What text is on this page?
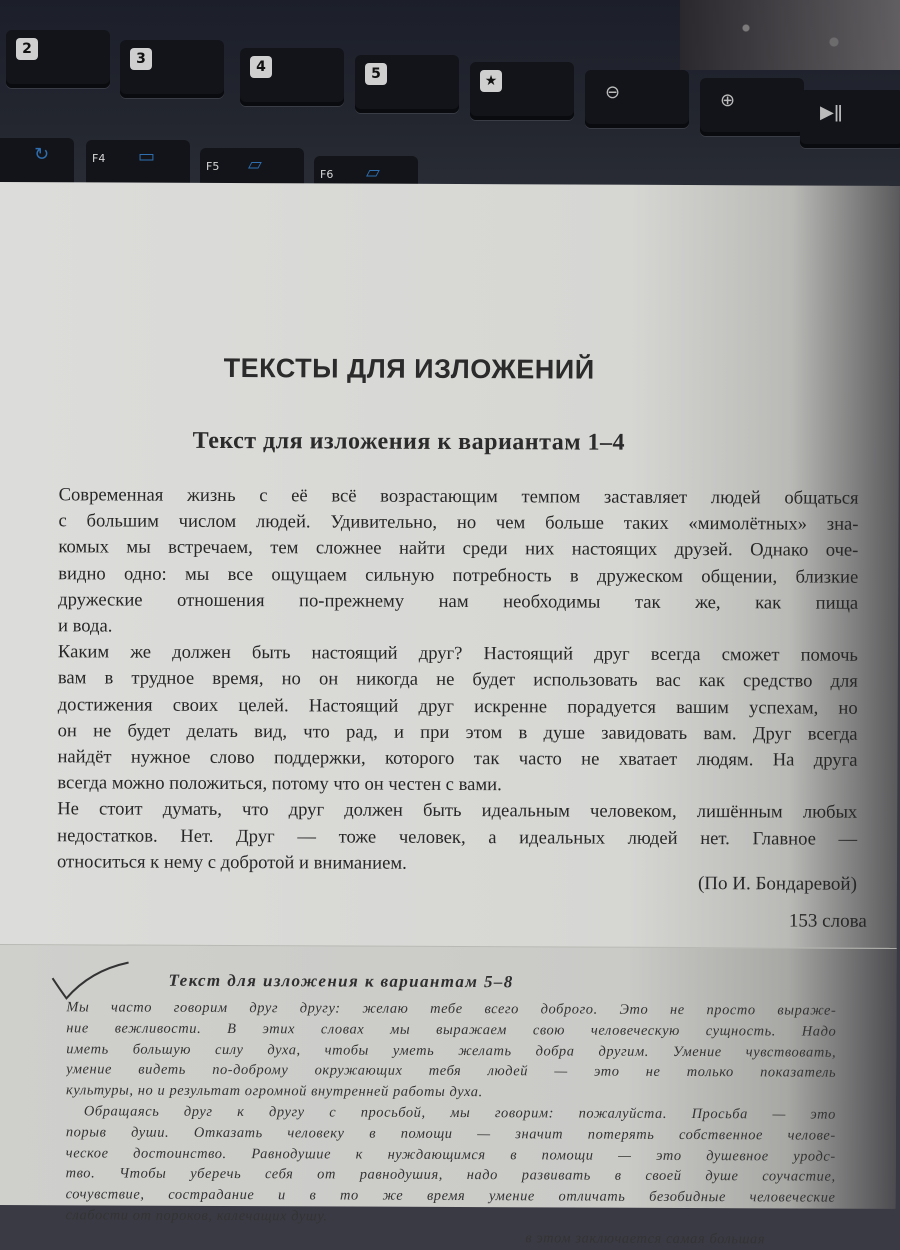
2
3	4	5	★
⊖	⊕
▶ǁ
↻	F4 ▭	F5 ▱	F6 ▱
ТЕКСТЫ ДЛЯ ИЗЛОЖЕНИЙ
Текст для изложения к вариантам 1–4
Современная жизнь с её всё возрастающим темпом заставляет людей общаться
с большим числом людей. Удивительно, но чем больше таких «мимолётных» зна-
комых мы встречаем, тем сложнее найти среди них настоящих друзей. Однако оче-
видно одно: мы все ощущаем сильную потребность в дружеском общении, близкие
дружеские отношения по-прежнему нам необходимы так же, как пища
и вода.
Каким же должен быть настоящий друг? Настоящий друг всегда сможет помочь
вам в трудное время, но он никогда не будет использовать вас как средство для
достижения своих целей. Настоящий друг искренне порадуется вашим успехам, но
он не будет делать вид, что рад, и при этом в душе завидовать вам. Друг всегда
найдёт нужное слово поддержки, которого так часто не хватает людям. На друга
всегда можно положиться, потому что он честен с вами.
Не стоит думать, что друг должен быть идеальным человеком, лишённым любых
недостатков. Нет. Друг — тоже человек, а идеальных людей нет. Главное —
относиться к нему с добротой и вниманием.
(По И. Бондаревой)
153 слова
Текст для изложения к вариантам 5–8
Мы часто говорим друг другу: желаю тебе всего доброго. Это не просто выраже-
ние вежливости. В этих словах мы выражаем свою человеческую сущность. Надо
иметь большую силу духа, чтобы уметь желать добра другим. Умение чувствовать,
умение видеть по-доброму окружающих тебя людей — это не только показатель
культуры, но и результат огромной внутренней работы духа.
Обращаясь друг к другу с просьбой, мы говорим: пожалуйста. Просьба — это
порыв души. Отказать человеку в помощи — значит потерять собственное челове-
ческое достоинство. Равнодушие к нуждающимся в помощи — это душевное уродс-
тво. Чтобы уберечь себя от равнодушия, надо развивать в своей душе соучастие,
сочувствие, сострадание и в то же время умение отличать безобидные человеческие
слабости от пороков, калечащих душу.
в этом заключается самая большая
